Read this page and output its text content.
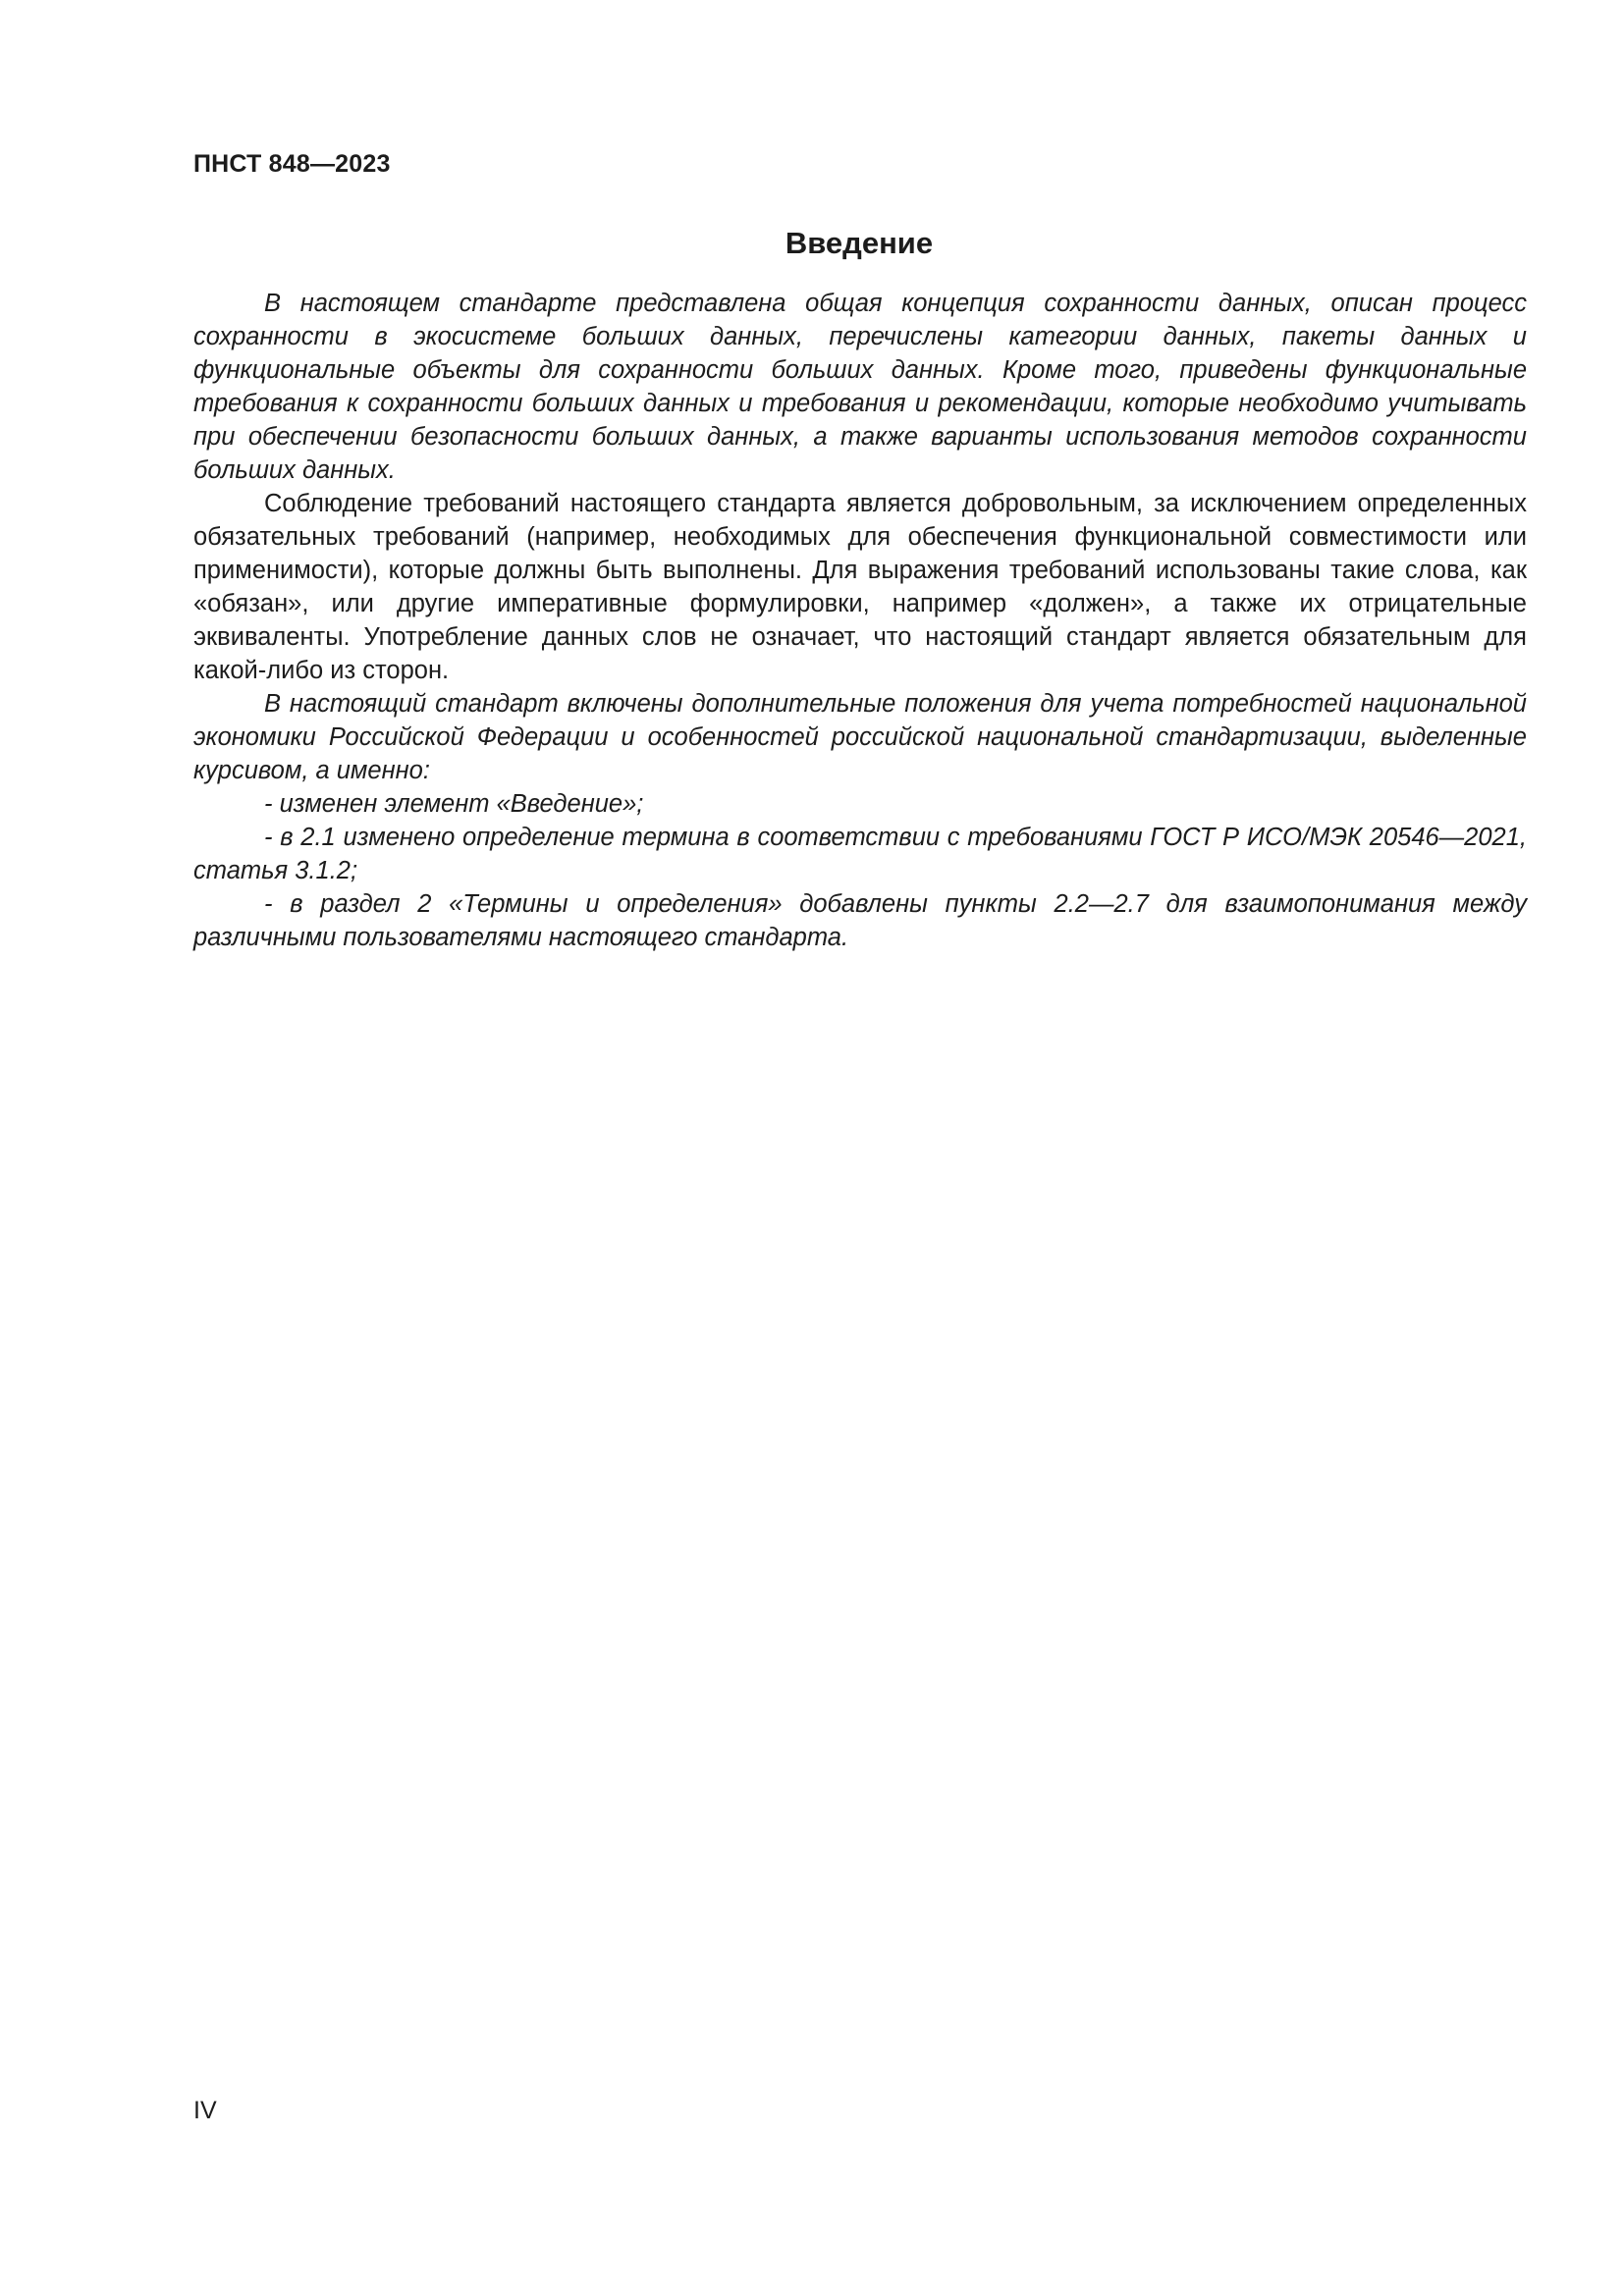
ПНСТ 848—2023
Введение

В настоящем стандарте представлена общая концепция сохранности данных, описан процесс сохранности в экосистеме больших данных, перечислены категории данных, пакеты данных и функциональные объекты для сохранности больших данных. Кроме того, приведены функциональные требования к сохранности больших данных и требования и рекомендации, которые необходимо учитывать при обеспечении безопасности больших данных, а также варианты использования методов сохранности больших данных.

Соблюдение требований настоящего стандарта является добровольным, за исключением определенных обязательных требований (например, необходимых для обеспечения функциональной совместимости или применимости), которые должны быть выполнены. Для выражения требований использованы такие слова, как «обязан», или другие императивные формулировки, например «должен», а также их отрицательные эквиваленты. Употребление данных слов не означает, что настоящий стандарт является обязательным для какой-либо из сторон.

В настоящий стандарт включены дополнительные положения для учета потребностей национальной экономики Российской Федерации и особенностей российской национальной стандартизации, выделенные курсивом, а именно:

- изменен элемент «Введение»;

- в 2.1 изменено определение термина в соответствии с требованиями ГОСТ Р ИСО/МЭК 20546—2021, статья 3.1.2;

- в раздел 2 «Термины и определения» добавлены пункты 2.2—2.7 для взаимопонимания между различными пользователями настоящего стандарта.

IV
